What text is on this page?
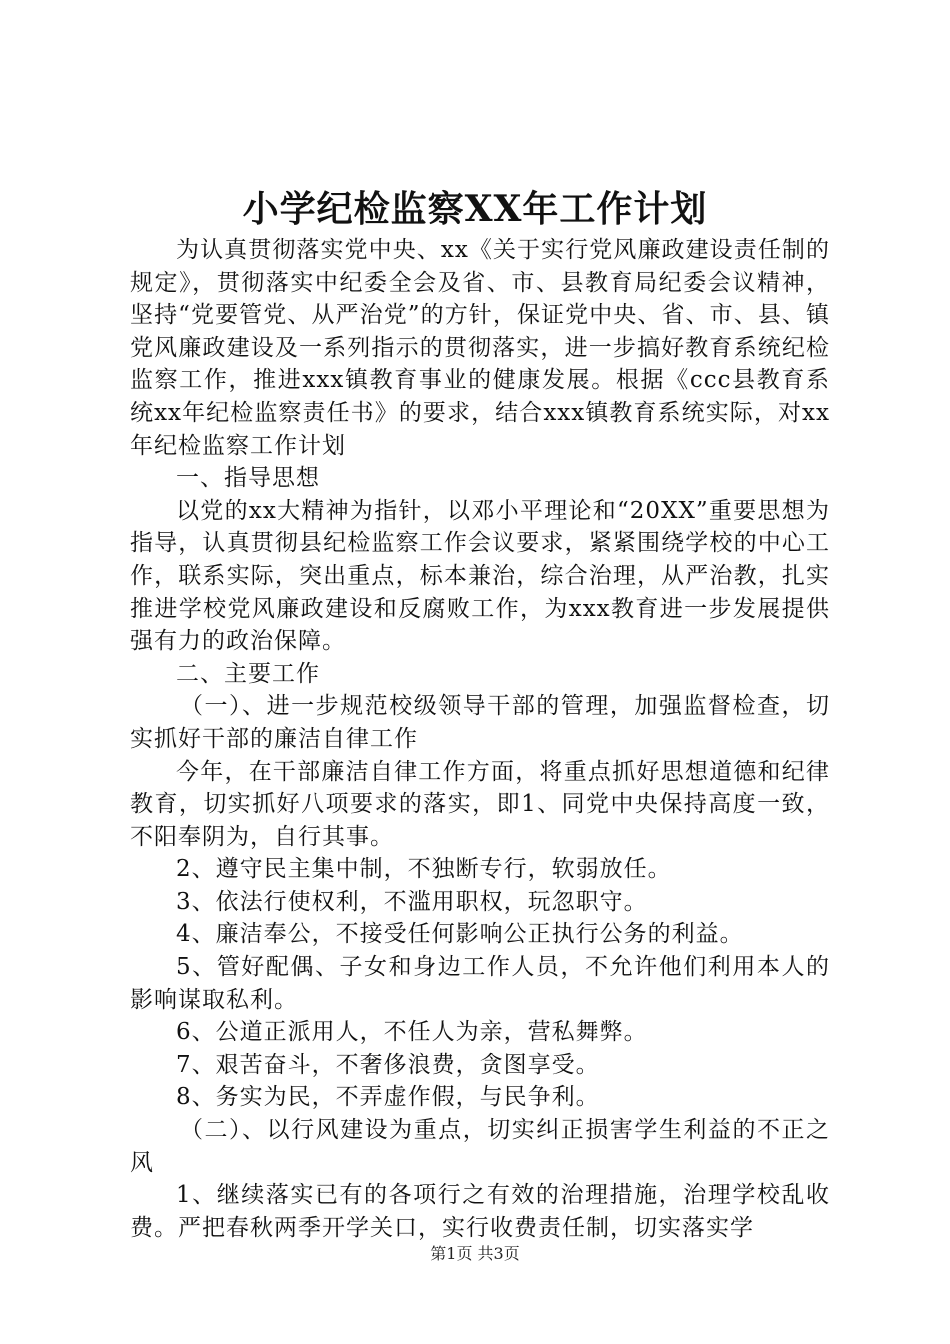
小学纪检监察XX年工作计划

为认真贯彻落实党中央、xx《关于实行党风廉政建设责任制的规定》，贯彻落实中纪委全会及省、市、县教育局纪委会议精神，坚持“党要管党、从严治党”的方针，保证党中央、省、市、县、镇党风廉政建设及一系列指示的贯彻落实，进一步搞好教育系统纪检监察工作，推进xxx镇教育事业的健康发展。根据《ccc县教育系统xx年纪检监察责任书》的要求，结合xxx镇教育系统实际，对xx年纪检监察工作计划

一、指导思想

以党的xx大精神为指针，以邓小平理论和“20XX”重要思想为指导，认真贯彻县纪检监察工作会议要求，紧紧围绕学校的中心工作，联系实际，突出重点，标本兼治，综合治理，从严治教，扎实推进学校党风廉政建设和反腐败工作，为xxx教育进一步发展提供强有力的政治保障。

二、主要工作

（一）、进一步规范校级领导干部的管理，加强监督检查，切实抓好干部的廉洁自律工作

今年，在干部廉洁自律工作方面，将重点抓好思想道德和纪律教育，切实抓好八项要求的落实，即1、同党中央保持高度一致，不阳奉阴为，自行其事。

2、遵守民主集中制，不独断专行，软弱放任。

3、依法行使权利，不滥用职权，玩忽职守。

4、廉洁奉公，不接受任何影响公正执行公务的利益。

5、管好配偶、子女和身边工作人员，不允许他们利用本人的影响谋取私利。

6、公道正派用人，不任人为亲，营私舞弊。

7、艰苦奋斗，不奢侈浪费，贪图享受。

8、务实为民，不弄虚作假，与民争利。

（二）、以行风建设为重点，切实纠正损害学生利益的不正之风

1、继续落实已有的各项行之有效的治理措施，治理学校乱收费。严把春秋两季开学关口，实行收费责任制，切实落实学

第1页 共3页
